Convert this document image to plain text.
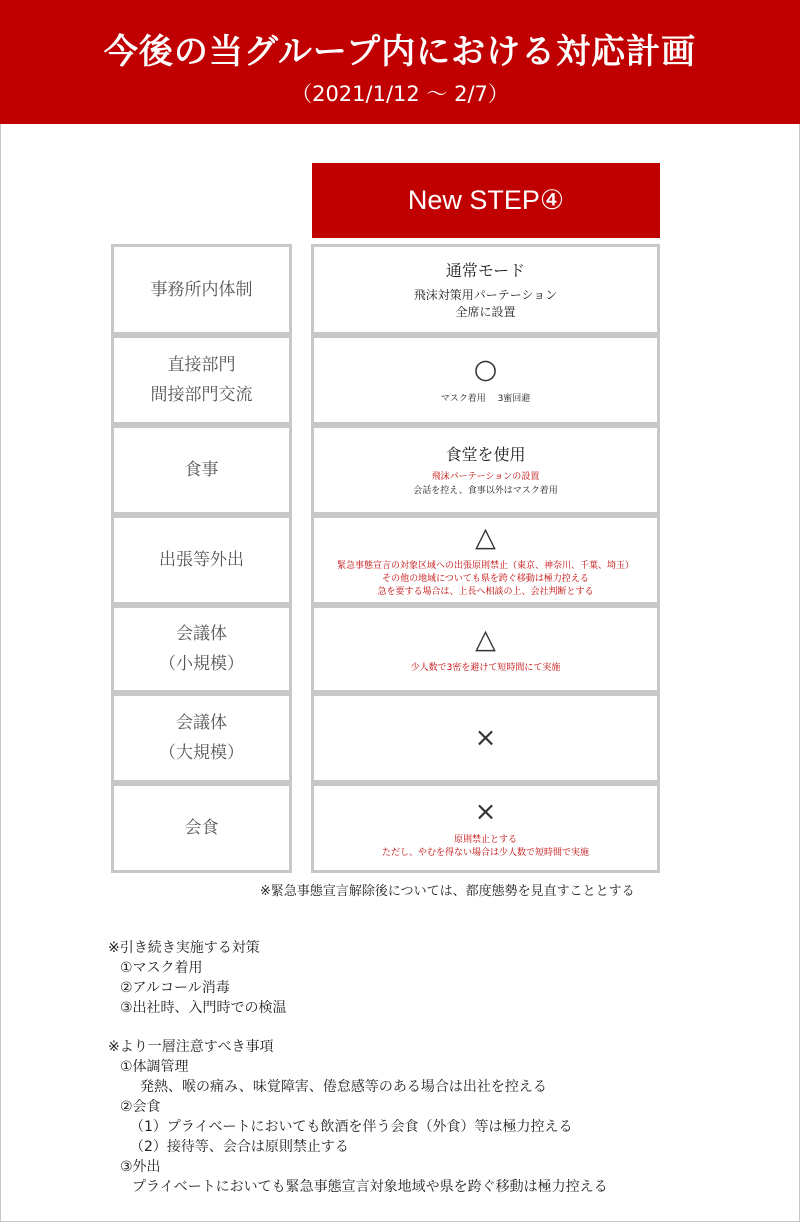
今後の当グループ内における対応計画
（2021/1/12 ～ 2/7）
New STEP④
事務所内体制
通常モード
飛沫対策用パーテーション
全席に設置
直接部門
間接部門交流
○
マスク着用　 3蜜回避
食事
食堂を使用
飛沫パーテーションの設置
会話を控え、食事以外はマスク着用
出張等外出
△
緊急事態宣言の対象区域への出張原則禁止（東京、神奈川、千葉、埼玉）
その他の地域についても県を跨ぐ移動は極力控える
急を要する場合は、上長へ相談の上、会社判断とする
会議体
（小規模）
△
少人数で3密を避けて短時間にて実施
会議体
（大規模）	×
会食
×
原則禁止とする
ただし、やむを得ない場合は少人数で短時間で実施
※緊急事態宣言解除後については、都度態勢を見直すこととする
※引き続き実施する対策
①マスク着用
②アルコール消毒
③出社時、入門時での検温
※より一層注意すべき事項
①体調管理
発熱、喉の痛み、味覚障害、倦怠感等のある場合は出社を控える
②会食
（1）プライベートにおいても飲酒を伴う会食（外食）等は極力控える
（2）接待等、会合は原則禁止する
③外出
プライベートにおいても緊急事態宣言対象地域や県を跨ぐ移動は極力控える
